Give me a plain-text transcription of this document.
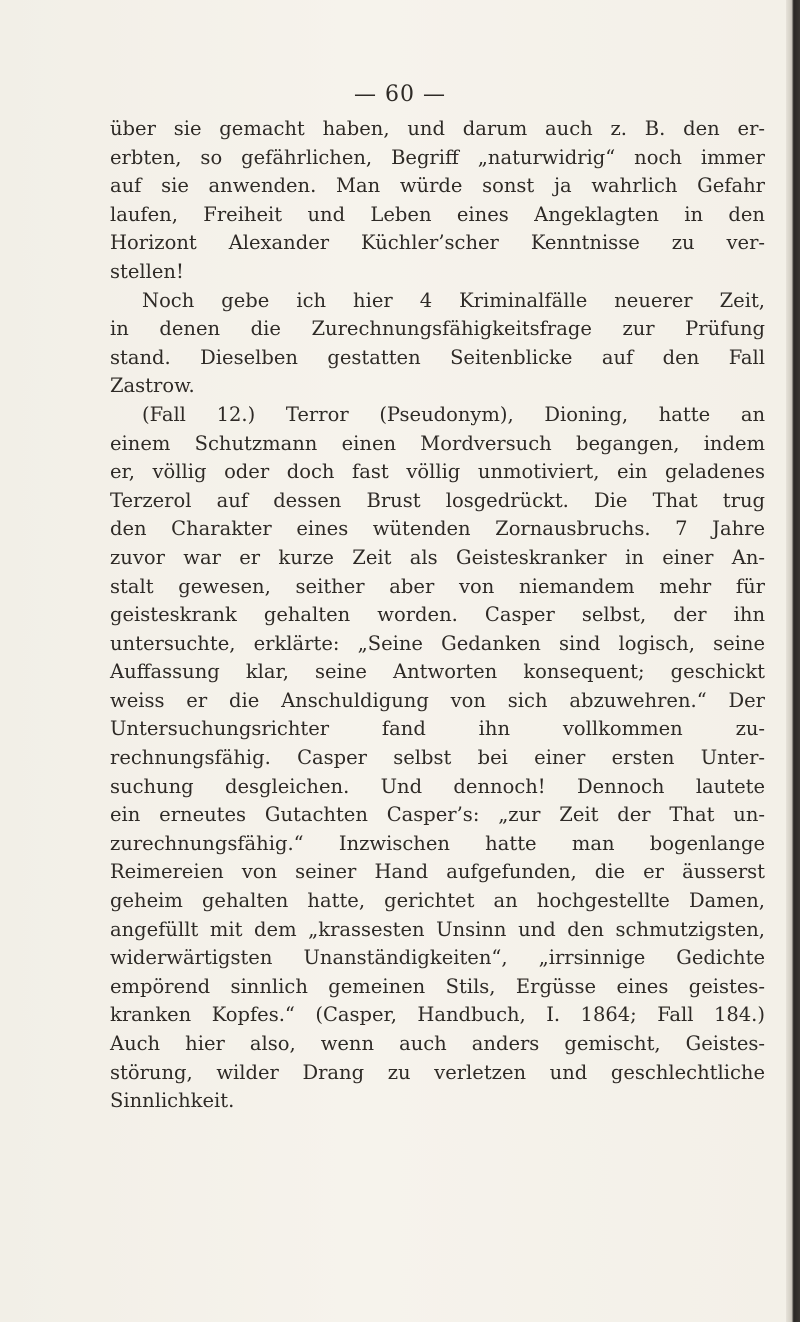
— 60 —
über sie gemacht haben, und darum auch z. B. den er-
erbten, so gefährlichen, Begriff „naturwidrig“ noch immer
auf sie anwenden. Man würde sonst ja wahrlich Gefahr
laufen, Freiheit und Leben eines Angeklagten in den
Horizont Alexander Küchler’scher Kenntnisse zu ver-
stellen!
Noch gebe ich hier 4 Kriminalfälle neuerer Zeit,
in denen die Zurechnungsfähigkeitsfrage zur Prüfung
stand. Dieselben gestatten Seitenblicke auf den Fall
Zastrow.
(Fall 12.) Terror (Pseudonym), Dioning, hatte an
einem Schutzmann einen Mordversuch begangen, indem
er, völlig oder doch fast völlig unmotiviert, ein geladenes
Terzerol auf dessen Brust losgedrückt. Die That trug
den Charakter eines wütenden Zornausbruchs. 7 Jahre
zuvor war er kurze Zeit als Geisteskranker in einer An-
stalt gewesen, seither aber von niemandem mehr für
geisteskrank gehalten worden. Casper selbst, der ihn
untersuchte, erklärte: „Seine Gedanken sind logisch, seine
Auffassung klar, seine Antworten konsequent; geschickt
weiss er die Anschuldigung von sich abzuwehren.“ Der
Untersuchungsrichter fand ihn vollkommen zu-
rechnungsfähig. Casper selbst bei einer ersten Unter-
suchung desgleichen. Und dennoch! Dennoch lautete
ein erneutes Gutachten Casper’s: „zur Zeit der That un-
zurechnungsfähig.“ Inzwischen hatte man bogenlange
Reimereien von seiner Hand aufgefunden, die er äusserst
geheim gehalten hatte, gerichtet an hochgestellte Damen,
angefüllt mit dem „krassesten Unsinn und den schmutzigsten,
widerwärtigsten Unanständigkeiten“, „irrsinnige Gedichte
empörend sinnlich gemeinen Stils, Ergüsse eines geistes-
kranken Kopfes.“ (Casper, Handbuch, I. 1864; Fall 184.)
Auch hier also, wenn auch anders gemischt, Geistes-
störung, wilder Drang zu verletzen und geschlechtliche
Sinnlichkeit.
